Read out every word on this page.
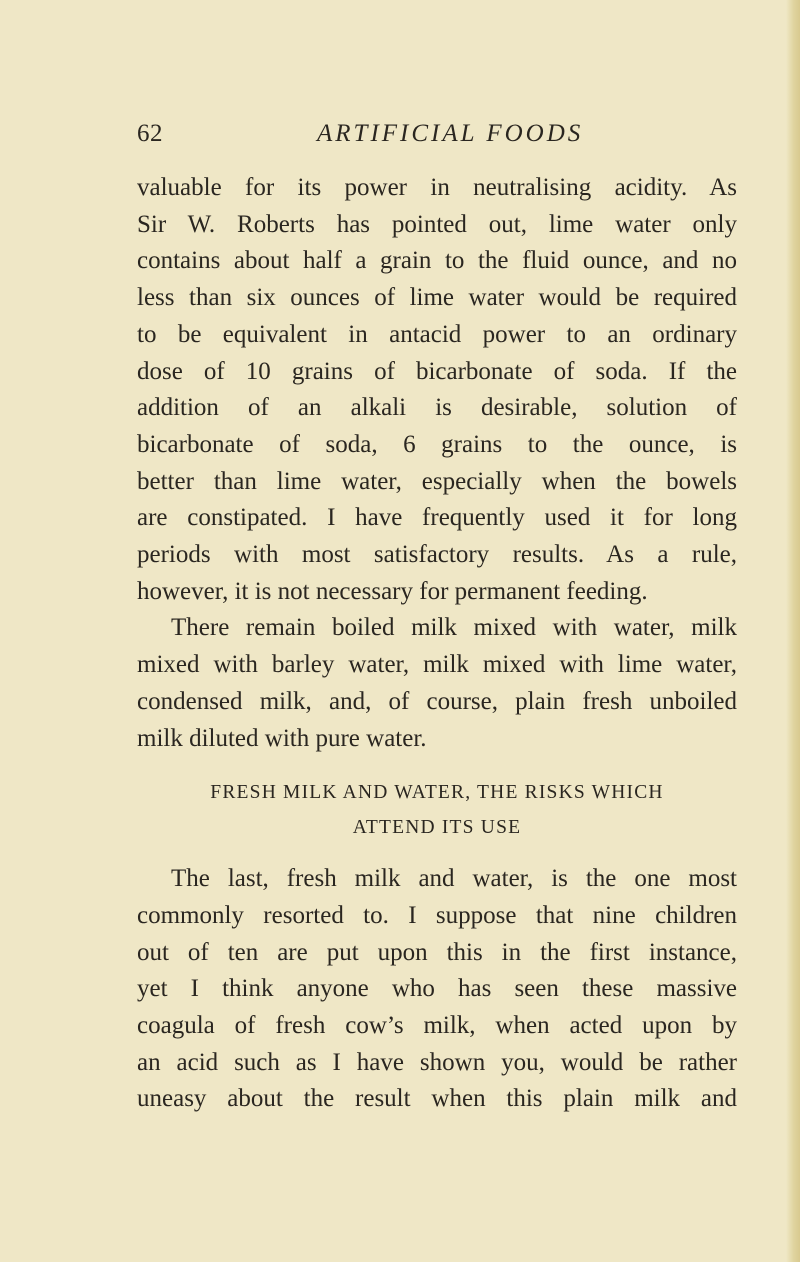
62	ARTIFICIAL FOODS
valuable for its power in neutralising acidity. As
Sir W. Roberts has pointed out, lime water only
contains about half a grain to the fluid ounce, and no
less than six ounces of lime water would be required
to be equivalent in antacid power to an ordinary
dose of 10 grains of bicarbonate of soda. If the
addition of an alkali is desirable, solution of
bicarbonate of soda, 6 grains to the ounce, is
better than lime water, especially when the bowels
are constipated. I have frequently used it for long
periods with most satisfactory results. As a rule,
however, it is not necessary for permanent feeding.
There remain boiled milk mixed with water, milk
mixed with barley water, milk mixed with lime water,
condensed milk, and, of course, plain fresh unboiled
milk diluted with pure water.
FRESH MILK AND WATER, THE RISKS WHICH
ATTEND ITS USE
The last, fresh milk and water, is the one most
commonly resorted to. I suppose that nine children
out of ten are put upon this in the first instance,
yet I think anyone who has seen these massive
coagula of fresh cow’s milk, when acted upon by
an acid such as I have shown you, would be rather
uneasy about the result when this plain milk and
